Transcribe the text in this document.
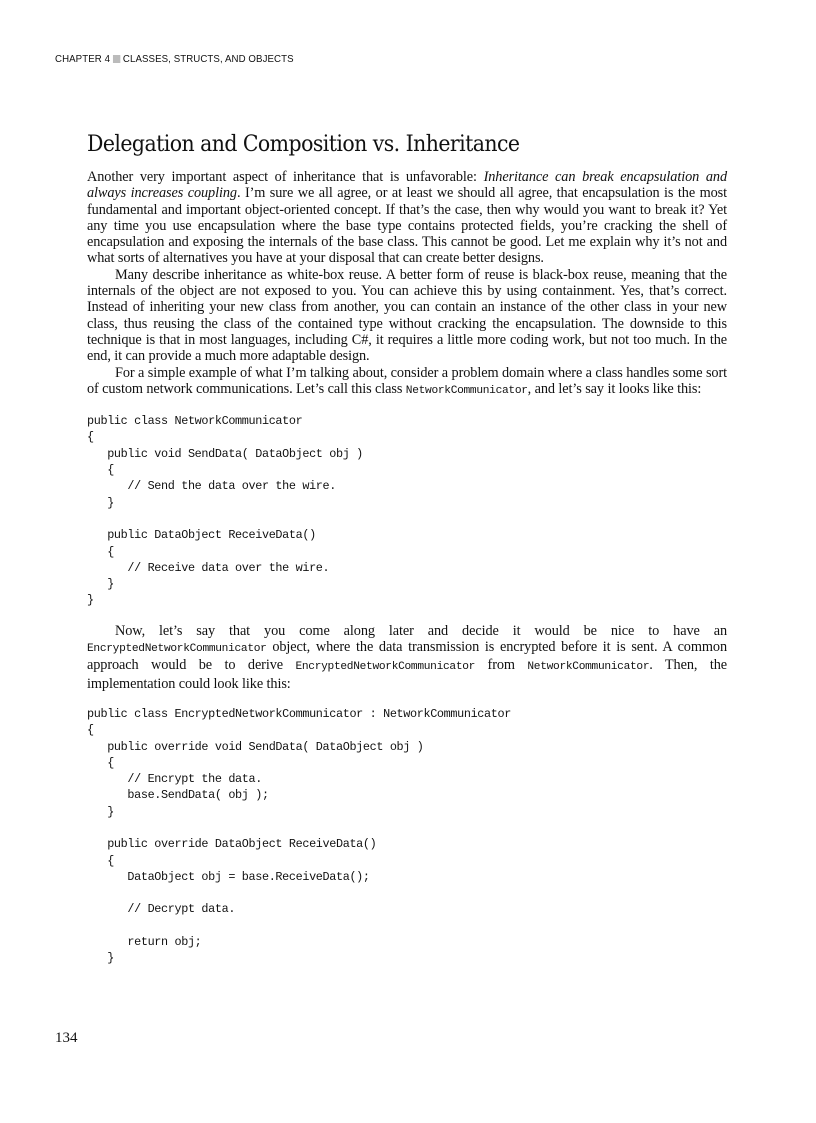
CHAPTER 4 CLASSES, STRUCTS, AND OBJECTS
Delegation and Composition vs. Inheritance

Another very important aspect of inheritance that is unfavorable: Inheritance can break encapsulation and always increases coupling. I’m sure we all agree, or at least we should all agree, that encapsulation is the most fundamental and important object-oriented concept. If that’s the case, then why would you want to break it? Yet any time you use encapsulation where the base type contains protected fields, you’re cracking the shell of encapsulation and exposing the internals of the base class. This cannot be good. Let me explain why it’s not and what sorts of alternatives you have at your disposal that can create better designs.

Many describe inheritance as white-box reuse. A better form of reuse is black-box reuse, meaning that the internals of the object are not exposed to you. You can achieve this by using containment. Yes, that’s correct. Instead of inheriting your new class from another, you can contain an instance of the other class in your new class, thus reusing the class of the contained type without cracking the encapsulation. The downside to this technique is that in most languages, including C#, it requires a little more coding work, but not too much. In the end, it can provide a much more adaptable design.

For a simple example of what I’m talking about, consider a problem domain where a class handles some sort of custom network communications. Let’s call this class NetworkCommunicator, and let’s say it looks like this:

public class NetworkCommunicator
{
public void SendData( DataObject obj )
{
// Send the data over the wire.
}

public DataObject ReceiveData()
{
// Receive data over the wire.
}
}

Now, let’s say that you come along later and decide it would be nice to have an EncryptedNetworkCommunicator object, where the data transmission is encrypted before it is sent. A common approach would be to derive EncryptedNetworkCommunicator from NetworkCommunicator. Then, the implementation could look like this:

public class EncryptedNetworkCommunicator : NetworkCommunicator
{
public override void SendData( DataObject obj )
{
// Encrypt the data.
base.SendData( obj );
}

public override DataObject ReceiveData()
{
DataObject obj = base.ReceiveData();

// Decrypt data.

return obj;
}
134
